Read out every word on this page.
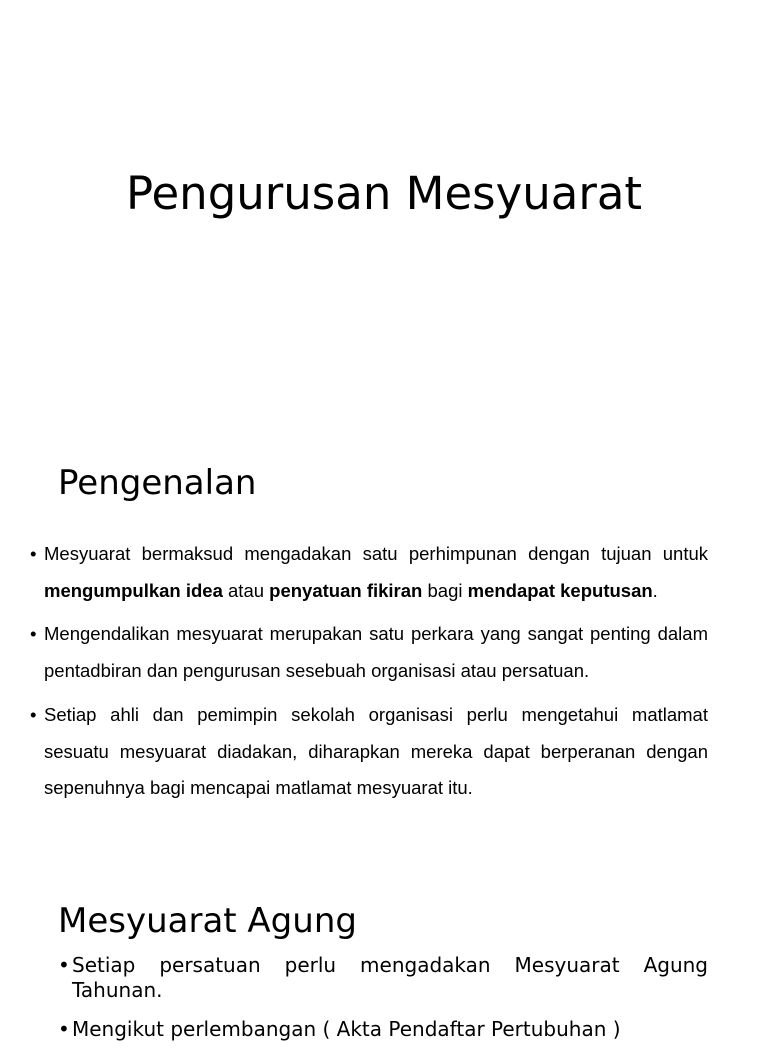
Pengurusan Mesyuarat
Pengenalan
• Mesyuarat bermaksud mengadakan satu perhimpunan dengan tujuan untuk mengumpulkan idea atau penyatuan fikiran bagi mendapat keputusan.
• Mengendalikan mesyuarat merupakan satu perkara yang sangat penting dalam pentadbiran dan pengurusan sesebuah organisasi atau persatuan.
• Setiap ahli dan pemimpin sekolah organisasi perlu mengetahui matlamat sesuatu mesyuarat diadakan, diharapkan mereka dapat berperanan dengan sepenuhnya bagi mencapai matlamat mesyuarat itu.
Mesyuarat Agung
• Setiap persatuan perlu mengadakan Mesyuarat Agung Tahunan.
• Mengikut perlembangan ( Akta Pendaftar Pertubuhan )
